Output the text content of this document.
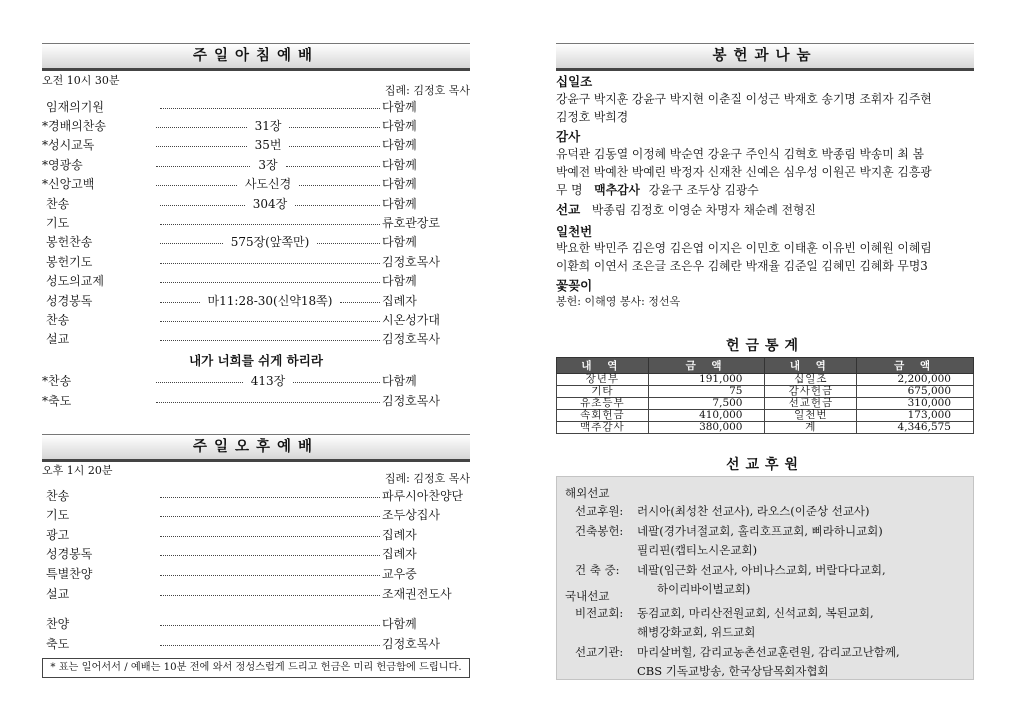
주일아침예배
오전 10시 30분
집례: 김정호 목사
임재의기원	다함께
*경배의찬송	31장	다함께
*성시교독	35번	다함께
*영광송	3장	다함께
*신앙고백	사도신경	다함께
찬송	304장	다함께
기도	류호관장로
봉헌찬송	575장(앞쪽만)	다함께
봉헌기도	김정호목사
성도의교제	다함께
성경봉독	마11:28-30(신약18쪽)	집례자
찬송	시온성가대
설교	김정호목사
내가 너희를 쉬게 하리라
*찬송	413장	다함께
*축도	김정호목사
주일오후예배
오후 1시 20분
집례: 김정호 목사
찬송	파루시아찬양단
기도	조두상집사
광고	집례자
성경봉독	집례자
특별찬양	교우중
설교	조재권전도사
찬양	다함께
축도	김정호목사
* 표는 일어서서 / 예배는 10분 전에 와서 정성스럽게 드리고 헌금은 미리 헌금함에 드립니다.
봉헌과나눔
십일조
강윤구 박지훈 강윤구 박지현 이춘질 이성근 박재호 송기명 조휘자 김주현
김정호 박희경
감사
유덕관 김동열 이정혜 박순연 강윤구 주인식 김혁호 박종림 박송미 최 봄
박예전 박예찬 박예린 박정자 신재찬 신예은 심우성 이원곤 박지훈 김흥광
무 명 맥추감사 강윤구 조두상 김광수
선교 박종림 김정호 이영순 차명자 채순례 전형진
일천번
박요한 박민주 김은영 김은엽 이지은 이민호 이태훈 이유빈 이혜원 이혜림
이환희 이연서 조은글 조은우 김혜란 박재율 김준일 김혜민 김혜화 무명3
꽃꽂이
봉헌: 이해영 봉사: 정선옥
헌금통계
내 역	금 액	내 역	금 액
장년부	191,000	십일조	2,200,000
기타	75	감사헌금	675,000
유초등부	7,500	선교헌금	310,000
속회헌금	410,000	일천번	173,000
맥추감사	380,000	계	4,346,575
선교후원
해외선교
선교후원: 러시아(최성찬 선교사), 라오스(이준상 선교사)
건축봉헌: 네팔(경가녀절교회, 홀리호프교회, 삐라하니교회)
필리핀(캡티노시온교회)
건 축 중: 네팔(임근화 선교사, 아비나스교회, 버랄다다교회,
하이리바이벌교회)
국내선교
비전교회: 동검교회, 마리산전원교회, 신석교회, 복된교회,
해병강화교회, 위드교회
선교기관: 마리살버힐, 감리교농촌선교훈련원, 감리교고난함께,
CBS 기독교방송, 한국상담목회자협회
